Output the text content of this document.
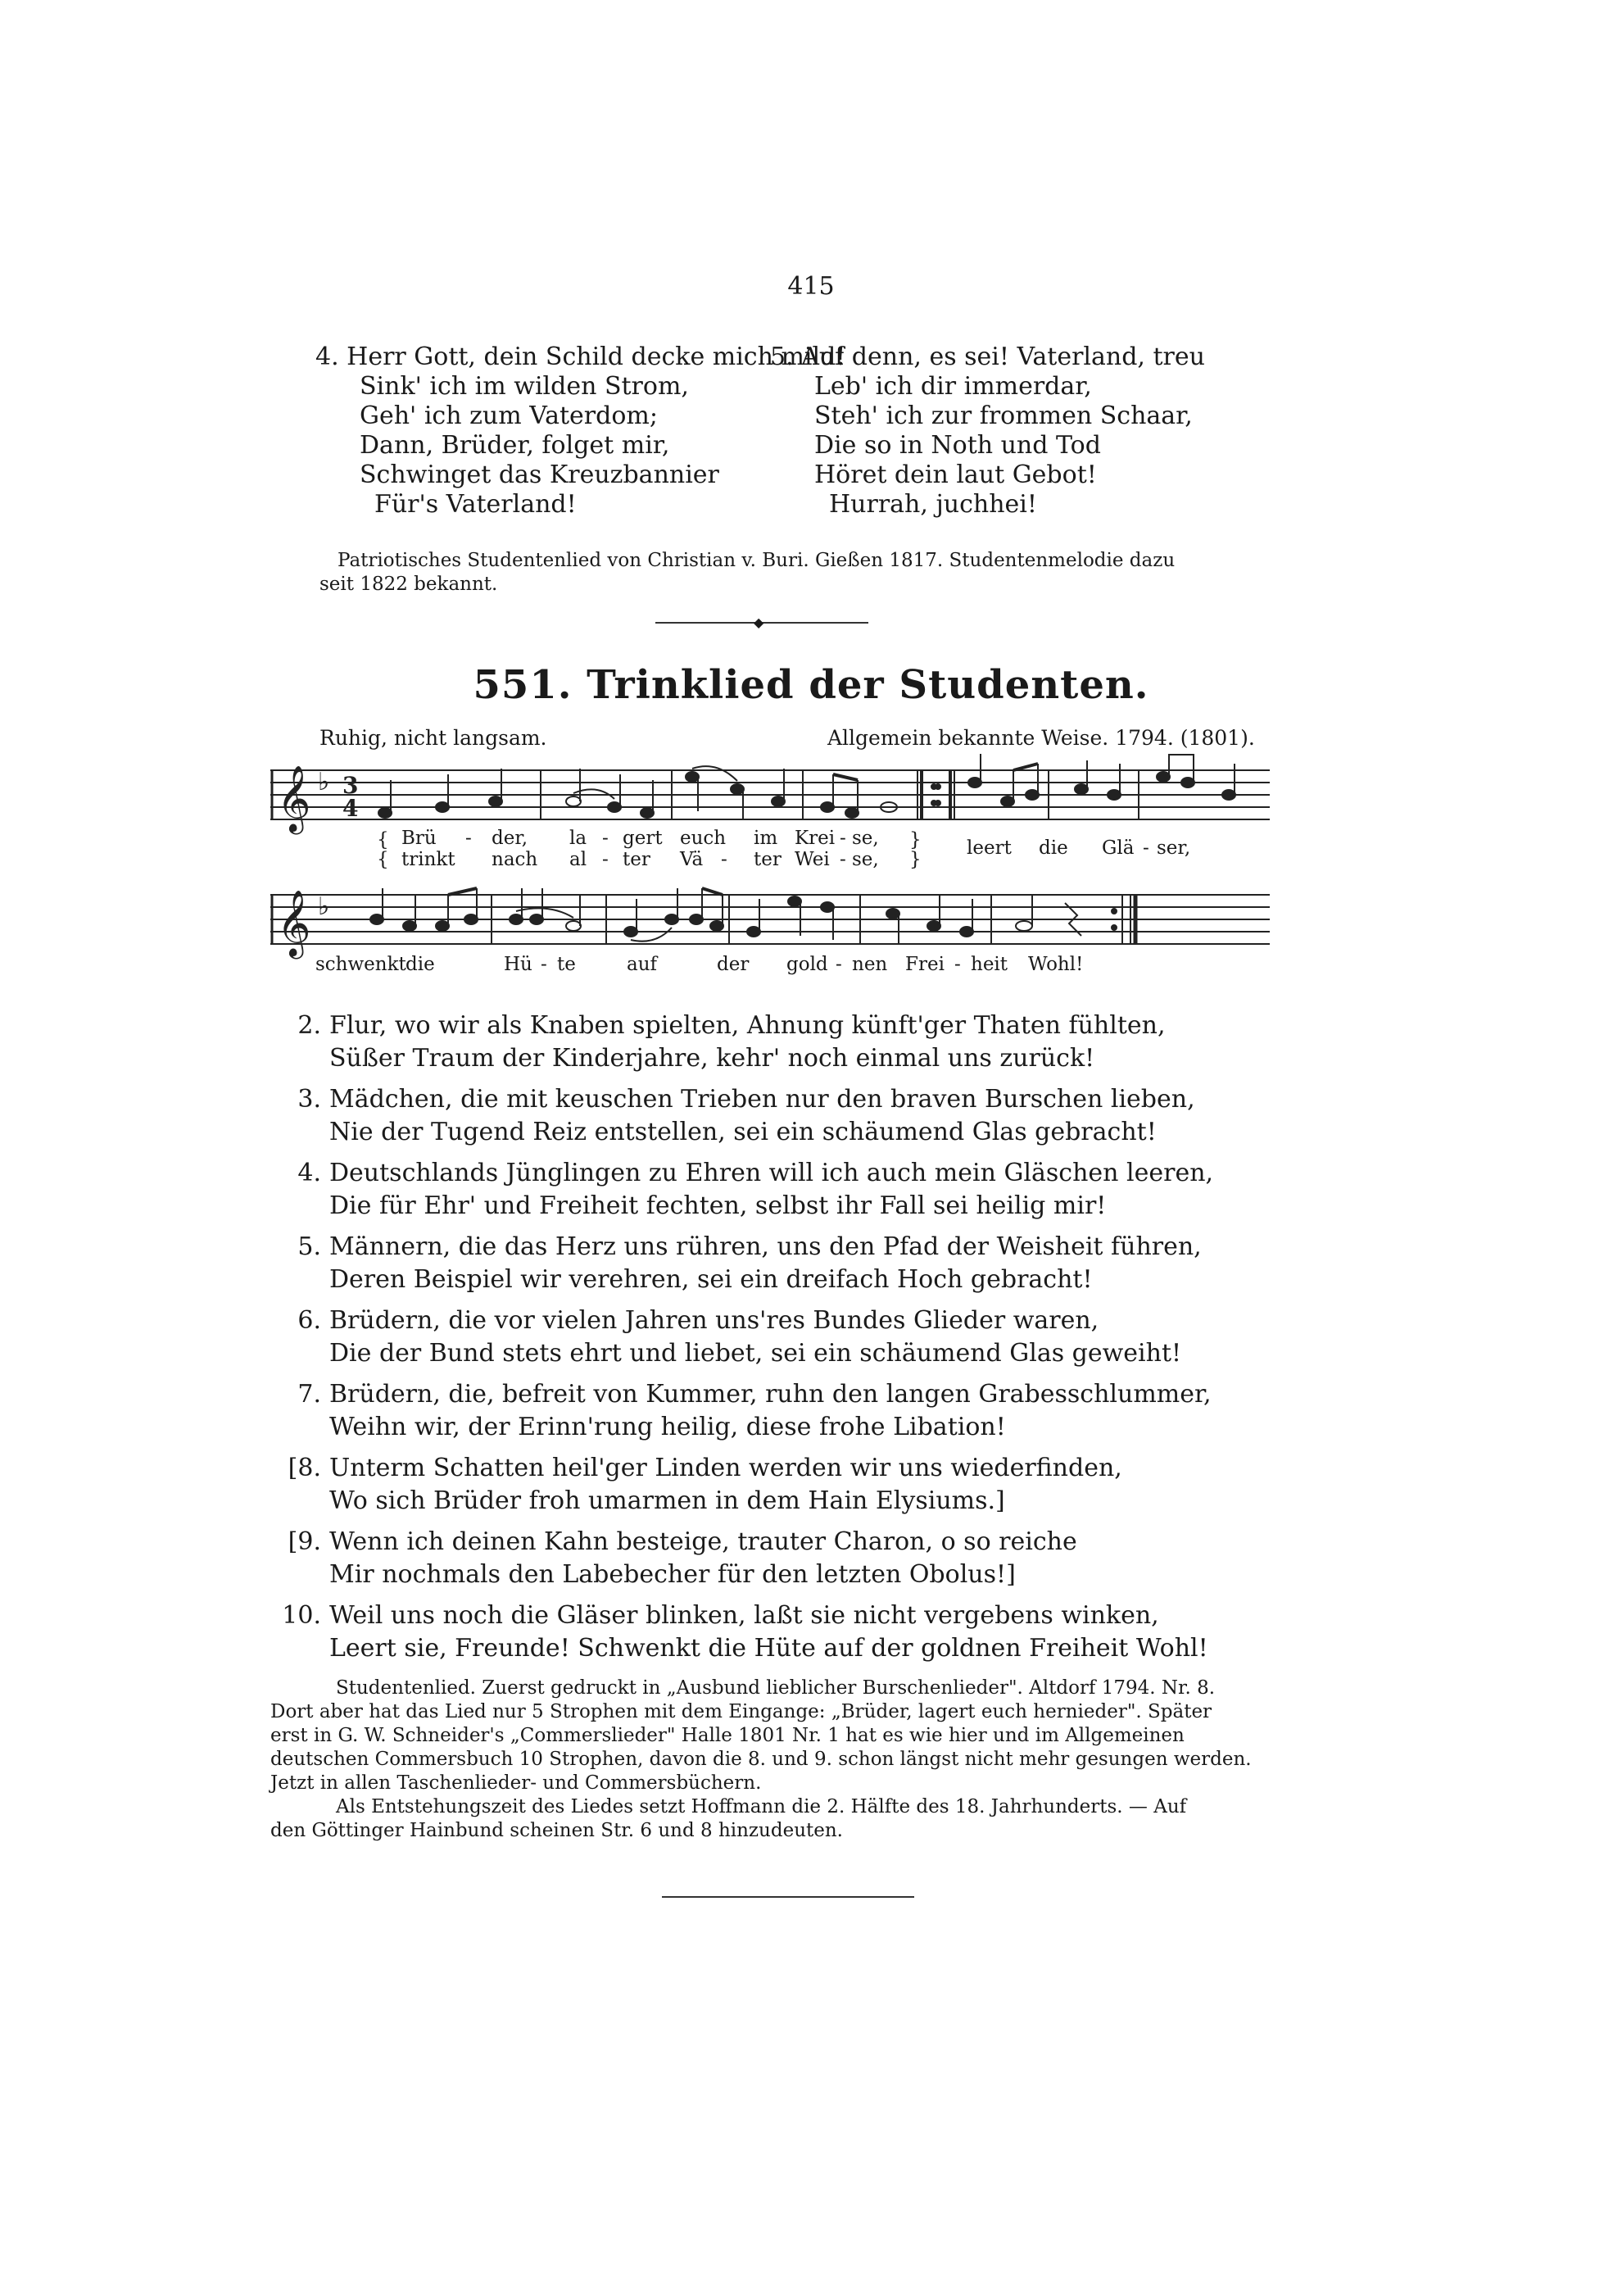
415
4. Herr Gott, dein Schild decke mich mild!
Sink' ich im wilden Strom,
Geh' ich zum Vaterdom;
Dann, Brüder, folget mir,
Schwinget das Kreuzbannier
Für's Vaterland!
5. Auf denn, es sei! Vaterland, treu
Leb' ich dir immerdar,
Steh' ich zur frommen Schaar,
Die so in Noth und Tod
Höret dein laut Gebot!
Hurrah, juchhei!
Patriotisches Studentenlied von Christian v. Buri. Gießen 1817. Studentenmelodie dazu
seit 1822 bekannt.
◆
551. Trinklied der Studenten.
Ruhig, nicht langsam.	Allgemein bekannte Weise. 1794. (1801).
𝄞 ♭ 3
4
{ Brü - der, la - gert euch im Krei - se, }
{ trinkt nach al - ter Vä - ter Wei - se, }
leert die Glä - ser,
𝄞 ♭
schwenkt die	Hü - te	auf	der gold - nen Frei - heit Wohl!
2. Flur, wo wir als Knaben spielten, Ahnung künft'ger Thaten fühlten,
Süßer Traum der Kinderjahre, kehr' noch einmal uns zurück!
3. Mädchen, die mit keuschen Trieben nur den braven Burschen lieben,
Nie der Tugend Reiz entstellen, sei ein schäumend Glas gebracht!
4. Deutschlands Jünglingen zu Ehren will ich auch mein Gläschen leeren,
Die für Ehr' und Freiheit fechten, selbst ihr Fall sei heilig mir!
5. Männern, die das Herz uns rühren, uns den Pfad der Weisheit führen,
Deren Beispiel wir verehren, sei ein dreifach Hoch gebracht!
6. Brüdern, die vor vielen Jahren uns'res Bundes Glieder waren,
Die der Bund stets ehrt und liebet, sei ein schäumend Glas geweiht!
7. Brüdern, die, befreit von Kummer, ruhn den langen Grabesschlummer,
Weihn wir, der Erinn'rung heilig, diese frohe Libation!
[8. Unterm Schatten heil'ger Linden werden wir uns wiederfinden,
Wo sich Brüder froh umarmen in dem Hain Elysiums.]
[9. Wenn ich deinen Kahn besteige, trauter Charon, o so reiche
Mir nochmals den Labebecher für den letzten Obolus!]
10. Weil uns noch die Gläser blinken, laßt sie nicht vergebens winken,
Leert sie, Freunde! Schwenkt die Hüte auf der goldnen Freiheit Wohl!
Studentenlied. Zuerst gedruckt in „Ausbund lieblicher Burschenlieder". Altdorf 1794. Nr. 8.
Dort aber hat das Lied nur 5 Strophen mit dem Eingange: „Brüder, lagert euch hernieder". Später
erst in G. W. Schneider's „Commerslieder" Halle 1801 Nr. 1 hat es wie hier und im Allgemeinen
deutschen Commersbuch 10 Strophen, davon die 8. und 9. schon längst nicht mehr gesungen werden.
Jetzt in allen Taschenlieder- und Commersbüchern.
Als Entstehungszeit des Liedes setzt Hoffmann die 2. Hälfte des 18. Jahrhunderts. — Auf
den Göttinger Hainbund scheinen Str. 6 und 8 hinzudeuten.
